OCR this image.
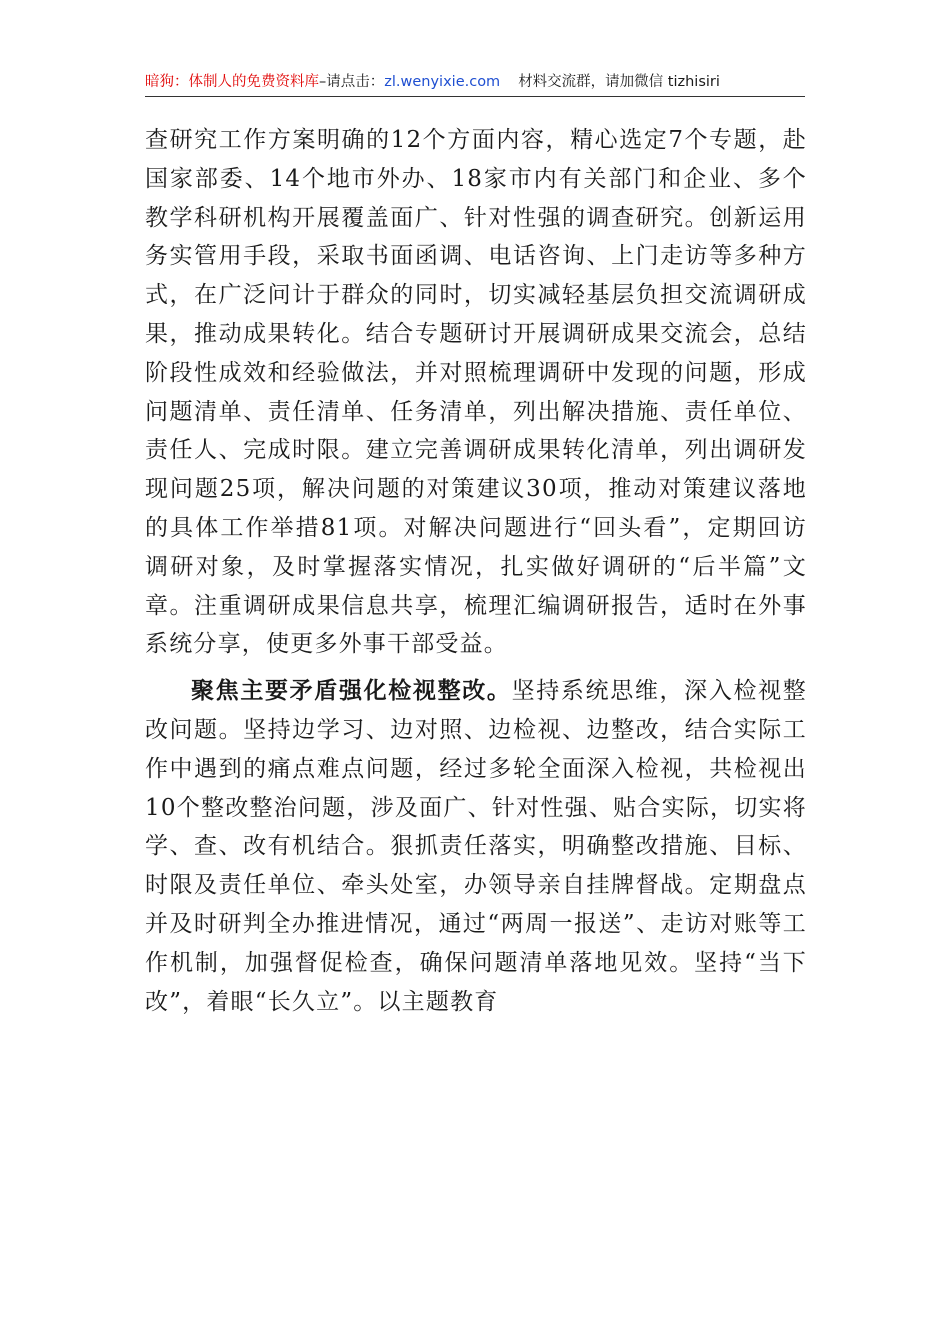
暗狗：体制人的免费资料库–请点击：zl.wenyixie.com 材料交流群，请加微信 tizhisiri

查研究工作方案明确的12个方面内容，精心选定7个专题，赴国家部委、14个地市外办、18家市内有关部门和企业、多个教学科研机构开展覆盖面广、针对性强的调查研究。创新运用务实管用手段，采取书面函调、电话咨询、上门走访等多种方式，在广泛问计于群众的同时，切实减轻基层负担交流调研成果，推动成果转化。结合专题研讨开展调研成果交流会，总结阶段性成效和经验做法，并对照梳理调研中发现的问题，形成问题清单、责任清单、任务清单，列出解决措施、责任单位、责任人、完成时限。建立完善调研成果转化清单，列出调研发现问题25项，解决问题的对策建议30项，推动对策建议落地的具体工作举措81项。对解决问题进行“回头看”，定期回访调研对象，及时掌握落实情况，扎实做好调研的“后半篇”文章。注重调研成果信息共享，梳理汇编调研报告，适时在外事系统分享，使更多外事干部受益。

聚焦主要矛盾强化检视整改。坚持系统思维，深入检视整改问题。坚持边学习、边对照、边检视、边整改，结合实际工作中遇到的痛点难点问题，经过多轮全面深入检视，共检视出10个整改整治问题，涉及面广、针对性强、贴合实际，切实将学、查、改有机结合。狠抓责任落实，明确整改措施、目标、时限及责任单位、牵头处室，办领导亲自挂牌督战。定期盘点并及时研判全办推进情况，通过“两周一报送”、走访对账等工作机制，加强督促检查，确保问题清单落地见效。坚持“当下改”，着眼“长久立”。以主题教育
